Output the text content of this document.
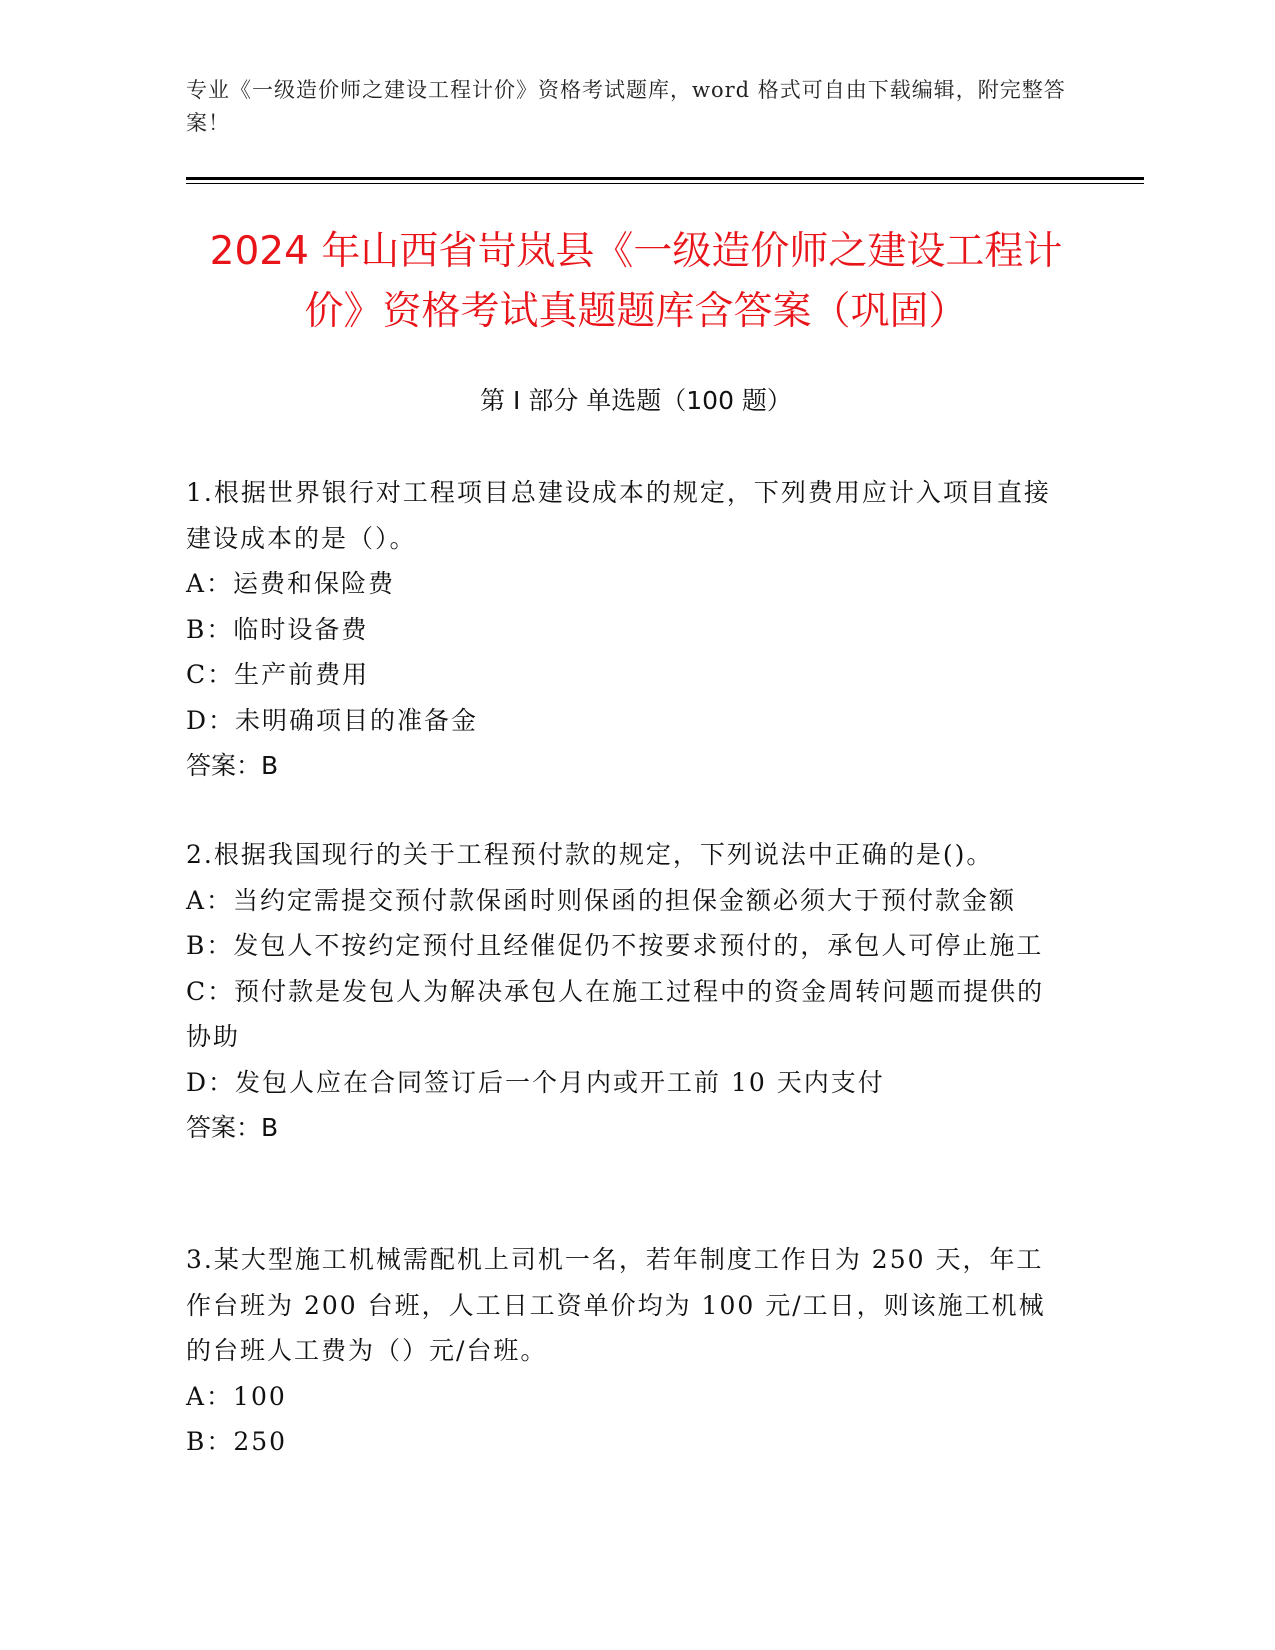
专业《一级造价师之建设工程计价》资格考试题库，word 格式可自由下载编辑，附完整答案！
2024 年山西省岢岚县《一级造价师之建设工程计价》资格考试真题题库含答案（巩固）
第 I 部分 单选题（100 题）

1.根据世界银行对工程项目总建设成本的规定，下列费用应计入项目直接建设成本的是（）。

A：运费和保险费

B：临时设备费

C：生产前费用

D：未明确项目的准备金

答案：B

2.根据我国现行的关于工程预付款的规定，下列说法中正确的是()。

A：当约定需提交预付款保函时则保函的担保金额必须大于预付款金额

B：发包人不按约定预付且经催促仍不按要求预付的，承包人可停止施工

C：预付款是发包人为解决承包人在施工过程中的资金周转问题而提供的协助

D：发包人应在合同签订后一个月内或开工前 10 天内支付

答案：B

3.某大型施工机械需配机上司机一名，若年制度工作日为 250 天，年工作台班为 200 台班，人工日工资单价均为 100 元/工日，则该施工机械的台班人工费为（）元/台班。

A：100

B：250
